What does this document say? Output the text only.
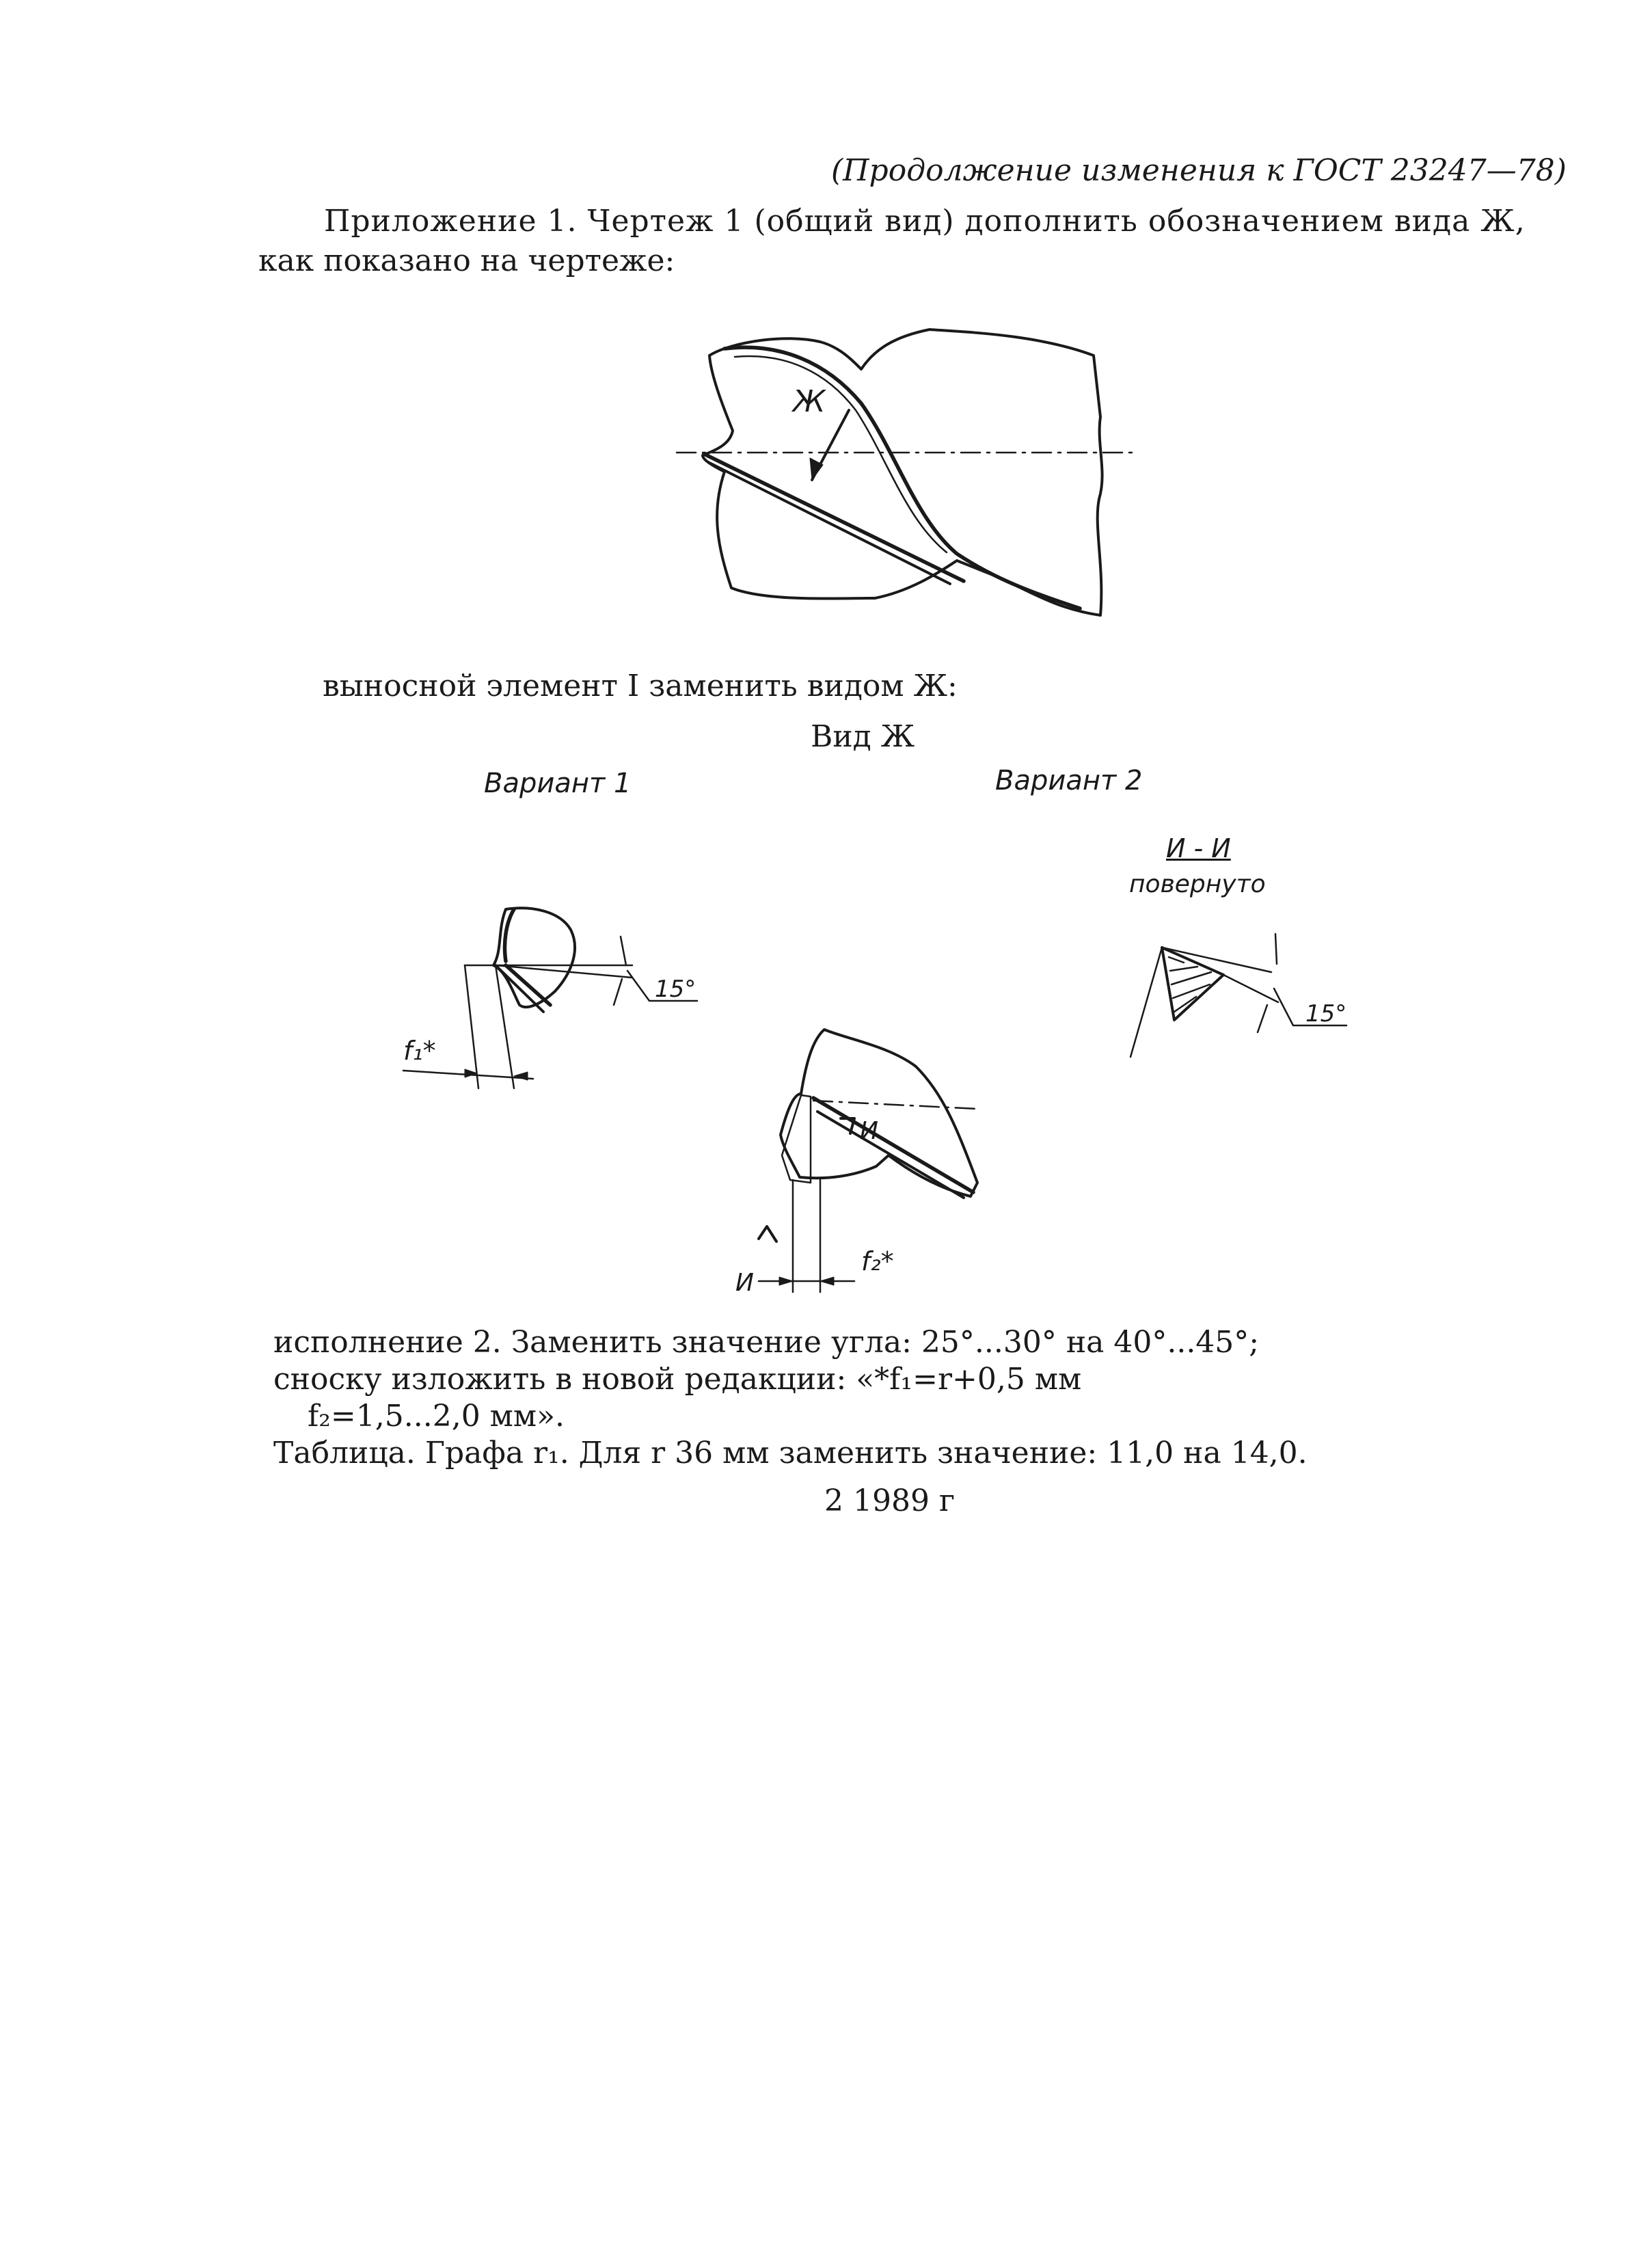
(Продолжение изменения к ГОСТ 23247—78)
Приложение 1. Чертеж 1 (общий вид) дополнить обозначением вида Ж,
как показано на чертеже:
Ж
выносной элемент I заменить видом Ж:
Вид Ж
Вариант 1	Вариант 2
И - И
повернуто
15°
f₁*
15°
И
И
f₂*
исполнение 2. Заменить значение угла: 25°...30° на 40°...45°;
сноску изложить в новой редакции: «*f₁=r+0,5 мм
f₂=1,5...2,0 мм».
Таблица. Графа r₁. Для r 36 мм заменить значение: 11,0 на 14,0.
2 1989 г
